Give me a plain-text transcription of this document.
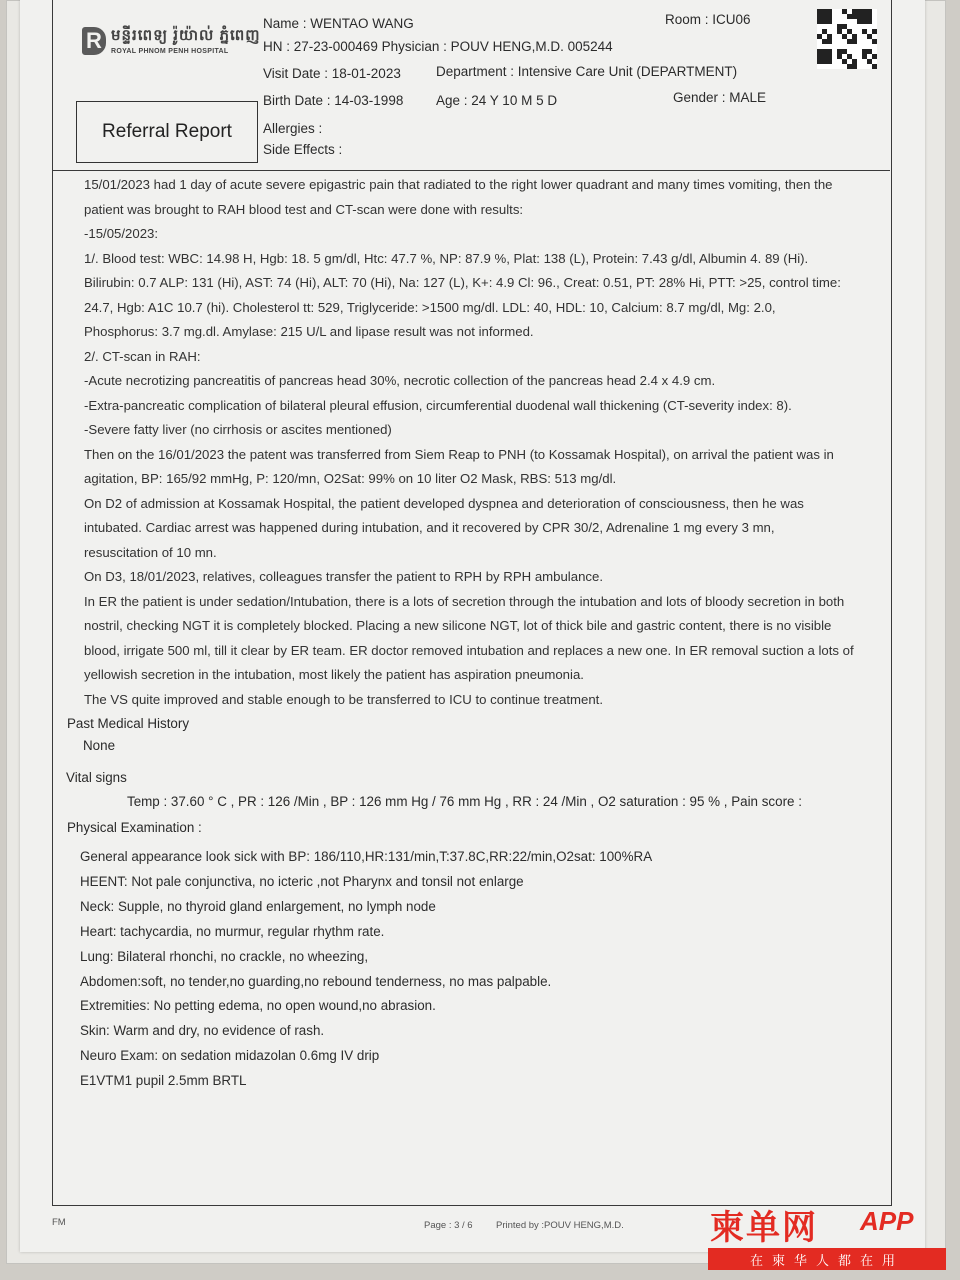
R មន្ទីរពេទ្យ រ៉ូយ៉ាល់ ភ្នំពេញ
ROYAL PHNOM PENH HOSPITAL
Referral Report
Name : WENTAO WANG	Room : ICU06
HN : 27-23-000469 Physician : POUV HENG,M.D. 005244
Visit Date : 18-01-2023	Department : Intensive Care Unit (DEPARTMENT)
Birth Date : 14-03-1998 Age : 24 Y 10 M 5 D	Gender : MALE
Allergies :
Side Effects :

15/01/2023 had 1 day of acute severe epigastric pain that radiated to the right lower quadrant and many times vomiting, then the

patient was brought to RAH blood test and CT-scan were done with results:

-15/05/2023:

1/. Blood test: WBC: 14.98 H, Hgb: 18. 5 gm/dl, Htc: 47.7 %, NP: 87.9 %, Plat: 138 (L), Protein: 7.43 g/dl, Albumin 4. 89 (Hi).

Bilirubin: 0.7 ALP: 131 (Hi), AST: 74 (Hi), ALT: 70 (Hi), Na: 127 (L), K+: 4.9 Cl: 96., Creat: 0.51, PT: 28% Hi, PTT: >25, control time:

24.7, Hgb: A1C 10.7 (hi). Cholesterol tt: 529, Triglyceride: >1500 mg/dl. LDL: 40, HDL: 10, Calcium: 8.7 mg/dl, Mg: 2.0,

Phosphorus: 3.7 mg.dl. Amylase: 215 U/L and lipase result was not informed.

2/. CT-scan in RAH:

-Acute necrotizing pancreatitis of pancreas head 30%, necrotic collection of the pancreas head 2.4 x 4.9 cm.

-Extra-pancreatic complication of bilateral pleural effusion, circumferential duodenal wall thickening (CT-severity index: 8).

-Severe fatty liver (no cirrhosis or ascites mentioned)

Then on the 16/01/2023 the patent was transferred from Siem Reap to PNH (to Kossamak Hospital), on arrival the patient was in

agitation, BP: 165/92 mmHg, P: 120/mn, O2Sat: 99% on 10 liter O2 Mask, RBS: 513 mg/dl.

On D2 of admission at Kossamak Hospital, the patient developed dyspnea and deterioration of consciousness, then he was

intubated. Cardiac arrest was happened during intubation, and it recovered by CPR 30/2, Adrenaline 1 mg every 3 mn,

resuscitation of 10 mn.

On D3, 18/01/2023, relatives, colleagues transfer the patient to RPH by RPH ambulance.

In ER the patient is under sedation/Intubation, there is a lots of secretion through the intubation and lots of bloody secretion in both

nostril, checking NGT it is completely blocked. Placing a new silicone NGT, lot of thick bile and gastric content, there is no visible

blood, irrigate 500 ml, till it clear by ER team. ER doctor removed intubation and replaces a new one. In ER removal suction a lots of

yellowish secretion in the intubation, most likely the patient has aspiration pneumonia.

The VS quite improved and stable enough to be transferred to ICU to continue treatment.

Past Medical History
None
Vital signs
Temp : 37.60 ° C , PR : 126 /Min , BP : 126 mm Hg / 76 mm Hg , RR : 24 /Min , O2 saturation : 95 % , Pain score :
Physical Examination :

General appearance look sick with BP: 186/110,HR:131/min,T:37.8C,RR:22/min,O2sat: 100%RA

HEENT: Not pale conjunctiva, no icteric ,not Pharynx and tonsil not enlarge

Neck: Supple, no thyroid gland enlargement, no lymph node

Heart: tachycardia, no murmur, regular rhythm rate.

Lung: Bilateral rhonchi, no crackle, no wheezing,

Abdomen:soft, no tender,no guarding,no rebound tenderness, no mas palpable.

Extremities: No petting edema, no open wound,no abrasion.

Skin: Warm and dry, no evidence of rash.

Neuro Exam: on sedation midazolan 0.6mg IV drip

E1VTM1 pupil 2.5mm BRTL

FM	Page : 3 / 6 Printed by :POUV HENG,M.D.	柬单网 APP
在柬华人都在用
